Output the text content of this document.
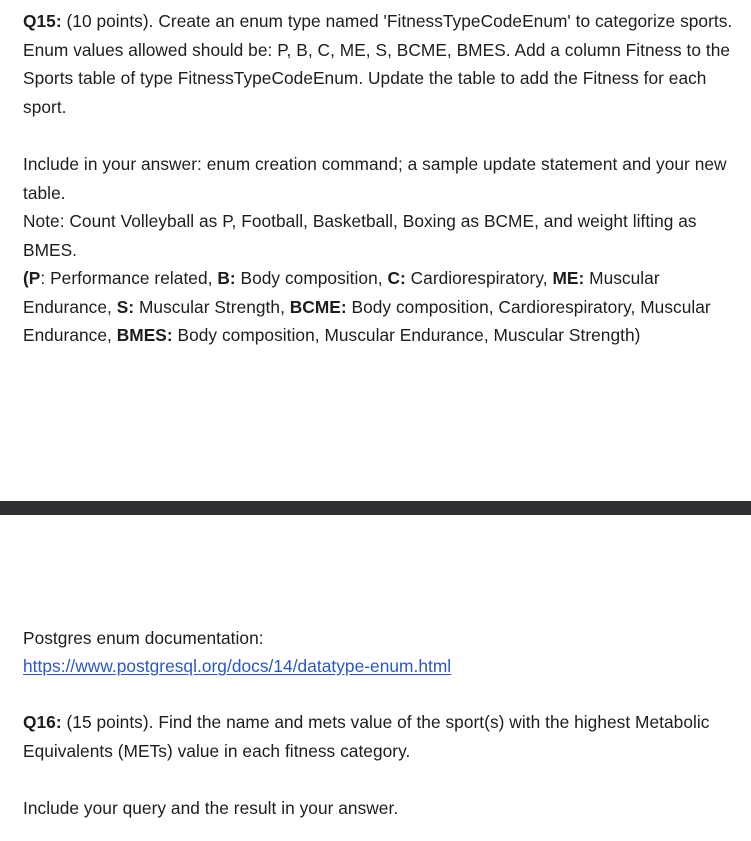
Q15: (10 points). Create an enum type named 'FitnessTypeCodeEnum' to categorize sports. Enum values allowed should be: P, B, C, ME, S, BCME, BMES. Add a column Fitness to the Sports table of type FitnessTypeCodeEnum. Update the table to add the Fitness for each sport.

Include in your answer: enum creation command; a sample update statement and your new table.

Note: Count Volleyball as P, Football, Basketball, Boxing as BCME, and weight lifting as BMES.

(P: Performance related, B: Body composition, C: Cardiorespiratory, ME: Muscular Endurance, S: Muscular Strength, BCME: Body composition, Cardiorespiratory, Muscular Endurance, BMES: Body composition, Muscular Endurance, Muscular Strength)

Postgres enum documentation:

https://www.postgresql.org/docs/14/datatype-enum.html

Q16: (15 points). Find the name and mets value of the sport(s) with the highest Metabolic Equivalents (METs) value in each fitness category.

Include your query and the result in your answer.
